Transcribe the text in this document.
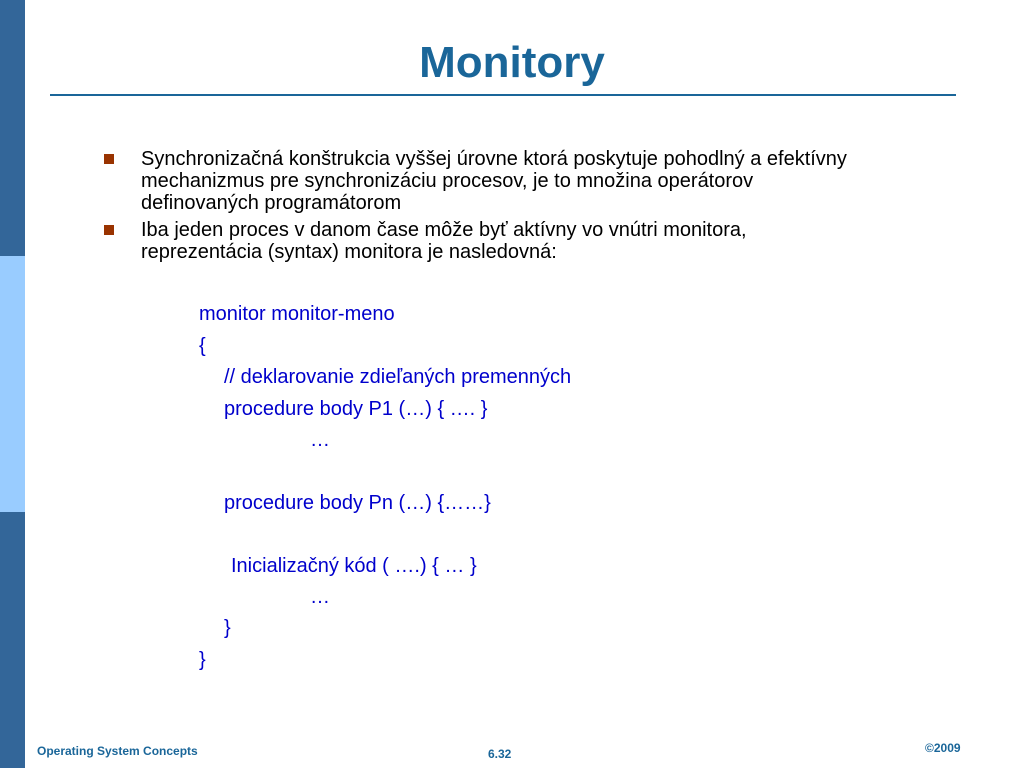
Monitory
Synchronizačná konštrukcia vyššej úrovne ktorá poskytuje pohodlný a efektívny mechanizmus pre synchronizáciu procesov, je to množina operátorov definovaných programátorom
Iba jeden proces v danom čase môže byť aktívny vo vnútri monitora, reprezentácia (syntax) monitora je nasledovná:
monitor monitor-meno
{
// deklarovanie zdieľaných premenných
procedure body P1 (…) { …. }
…
procedure body Pn (…) {……}
Inicializačný kód ( ….) { … }
…
}
}
Operating System Concepts	6.32	©2009
